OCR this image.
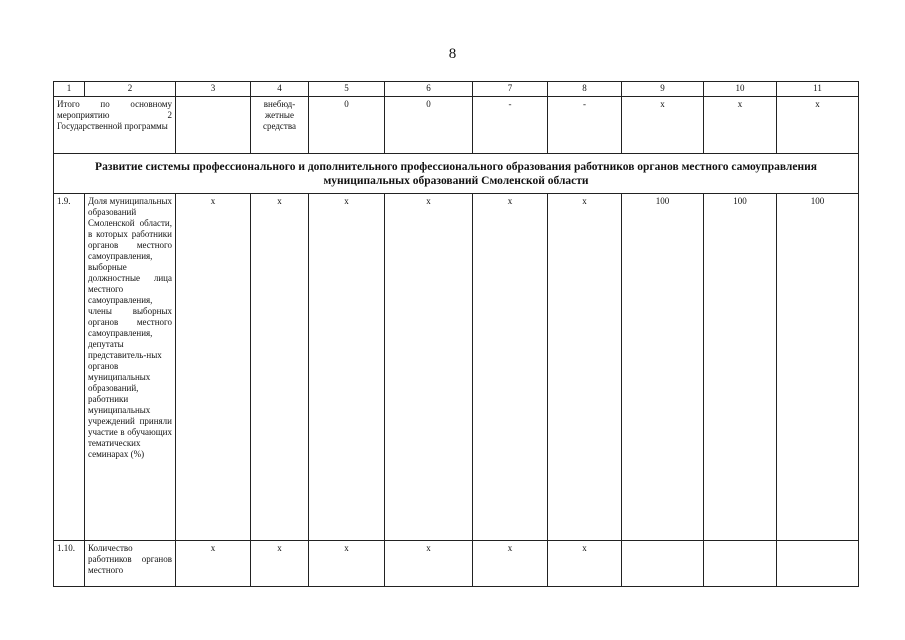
8
1	2	3	4	5	6	7	8	9	10	11
Итого по основному мероприятию 2 Государственной программы			внебюд-жетные средства	0	0	-	-	x	x	x
Развитие системы профессионального и дополнительного профессионального образования работников органов местного самоуправления муниципальных образований Смоленской области										
1.9.	Доля муниципальных образований Смоленской области, в которых работники органов местного самоуправления, выборные должностные лица местного самоуправления, члены выборных органов местного самоуправления, депутаты представитель-ных органов муниципальных образований, работники муниципальных учреждений приняли участие в обучающих тематических семинарах (%)	x	x	x	x	x	x	100	100	100
1.10.	Количество работников органов местного	x	x	x	x	x	x			
